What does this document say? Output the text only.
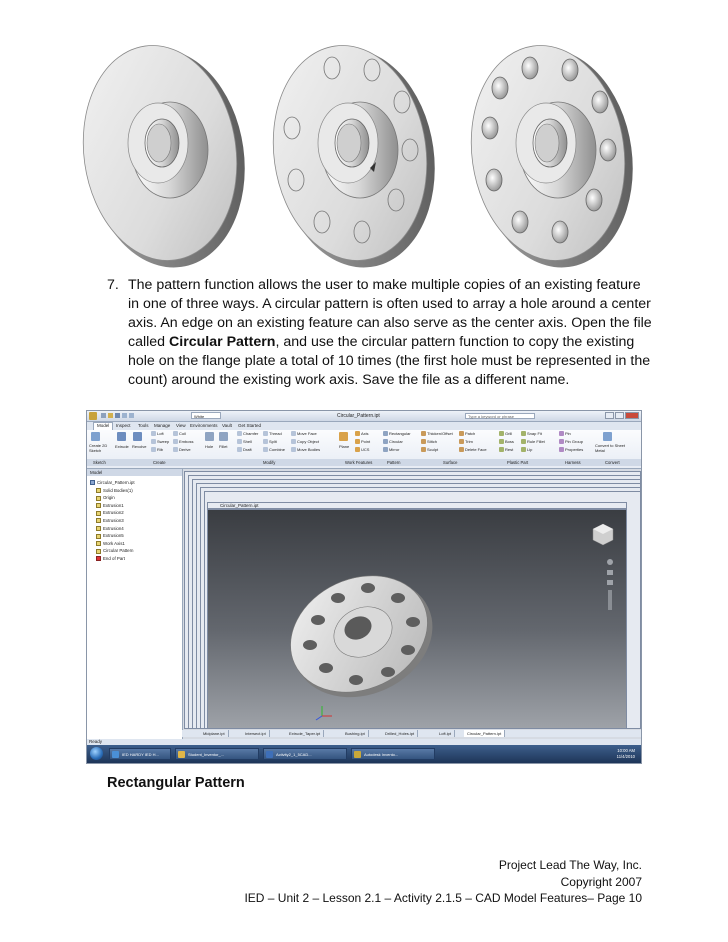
7. The pattern function allows the user to make multiple copies of an existing feature in one of three ways. A circular pattern is often used to array a hole around a center axis. An edge on an existing feature can also serve as the center axis. Open the file called Circular Pattern, and use the circular pattern function to copy the existing hole on the flange plate a total of 10 times (the first hole must be represented in the count) around the existing work axis. Save the file as a different name.
White	Circular_Pattern.ipt	Type a keyword or phrase
Model	Inspect	Tools	Manage	View Environments Vault	Get Started
Create 2D Sketch
Extrude Revolve
Loft
Sweep
Rib
Coil
Emboss
Derive
Hole Fillet
Chamfer
Shell
Draft
Thread
Split
Combine
Move Face
Copy Object
Move Bodies
Plane
Axis
Point
UCS
Rectangular
Circular
Mirror
Thicken/Offset
Stitch
Sculpt
Patch
Trim
Delete Face
Grill
Boss
Rest
Snap Fit
Rule Fillet
Lip
Pin
Pin Group
Properties
Convert to Sheet Metal
Sketch	Create	Modify	Work Features	Pattern	Surface	Plastic Part	Harness	Convert
Model
Circular_Pattern.ipt
Solid Bodies(1)
Origin
Extrusion1
Extrusion2
Extrusion3
Extrusion4
Extrusion5
Work Axis1
Circular Pattern
End of Part
Circular_Pattern.ipt
Midplane.ipt	Intersect.ipt	Extrude_Taper.ipt	Bushing.ipt	Drilled_Holes.ipt	Loft.ipt	Circular_Pattern.ipt
Ready
IED HARDY IED H...	Student_Inventor_...	Activity2_1_5CAD...	Autodesk Invento...
10:00 AM
11/4/2010
Rectangular Pattern
Project Lead The Way, Inc.
Copyright 2007
IED – Unit 2 – Lesson 2.1 – Activity 2.1.5 – CAD Model Features– Page 10
